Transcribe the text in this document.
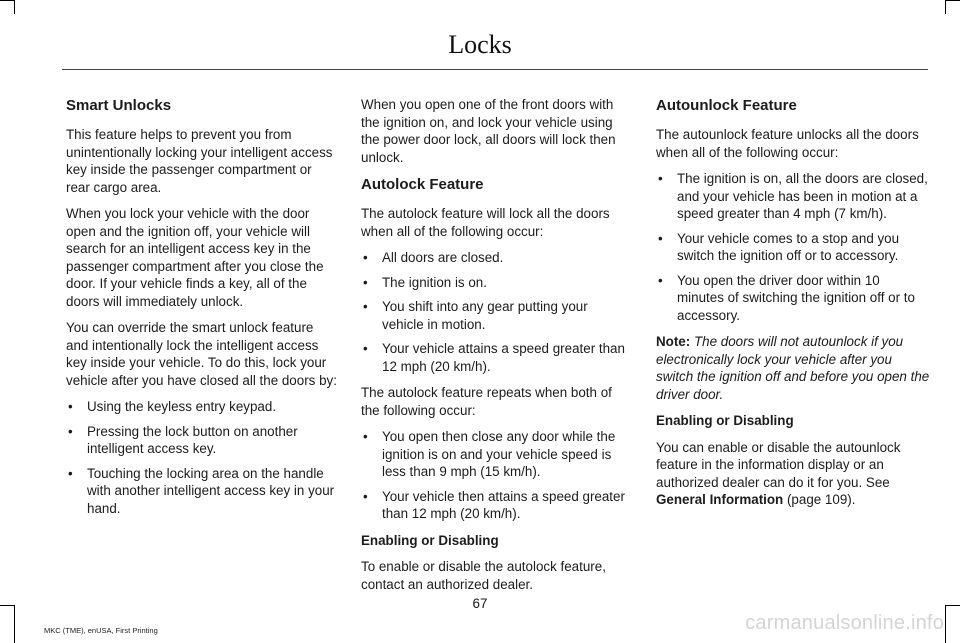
Locks
Smart Unlocks

This feature helps to prevent you from unintentionally locking your intelligent access key inside the passenger compartment or rear cargo area.

When you lock your vehicle with the door open and the ignition off, your vehicle will search for an intelligent access key in the passenger compartment after you close the door. If your vehicle finds a key, all of the doors will immediately unlock.

You can override the smart unlock feature and intentionally lock the intelligent access key inside your vehicle. To do this, lock your vehicle after you have closed all the doors by:

• Using the keyless entry keypad.
• Pressing the lock button on another intelligent access key.
• Touching the locking area on the handle with another intelligent access key in your hand.

When you open one of the front doors with the ignition on, and lock your vehicle using the power door lock, all doors will lock then unlock.

Autolock Feature

The autolock feature will lock all the doors when all of the following occur:

• All doors are closed.
• The ignition is on.
• You shift into any gear putting your vehicle in motion.
• Your vehicle attains a speed greater than 12 mph (20 km/h).

The autolock feature repeats when both of the following occur:

• You open then close any door while the ignition is on and your vehicle speed is less than 9 mph (15 km/h).
• Your vehicle then attains a speed greater than 12 mph (20 km/h).
Enabling or Disabling

To enable or disable the autolock feature, contact an authorized dealer.

Autounlock Feature

The autounlock feature unlocks all the doors when all of the following occur:

• The ignition is on, all the doors are closed, and your vehicle has been in motion at a speed greater than 4 mph (7 km/h).
• Your vehicle comes to a stop and you switch the ignition off or to accessory.
• You open the driver door within 10 minutes of switching the ignition off or to accessory.

Note: The doors will not autounlock if you electronically lock your vehicle after you switch the ignition off and before you open the driver door.

Enabling or Disabling

You can enable or disable the autounlock feature in the information display or an authorized dealer can do it for you. See General Information (page 109).

67
MKC (TME), enUSA, First Printing	carmanualsonline.info
